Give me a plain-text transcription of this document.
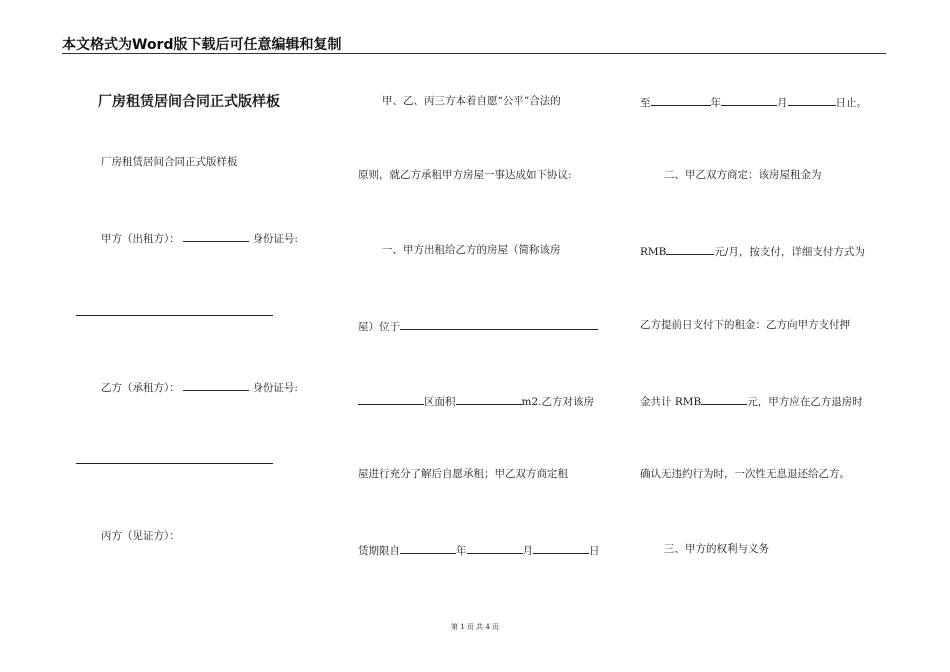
本文格式为Word版下载后可任意编辑和复制
厂房租赁居间合同正式版样板
厂房租赁居间合同正式版样板
甲方（出租方）：	身份证号:
乙方（承租方）：	身份证号:
丙方（见证方）：
甲、乙、丙三方本着自愿“公平”合法的
原则，就乙方承租甲方房屋一事达成如下协议:
一、甲方出租给乙方的房屋（简称该房
屋）位于
区面积	m2.乙方对该房
屋进行充分了解后自愿承租；甲乙双方商定租
赁期限自	年	月	日
至	年	月	日止。
二、甲乙双方商定：该房屋租金为
RMB	元/月，按支付，详细支付方式为
乙方提前日支付下的租金：乙方向甲方支付押
金共计 RMB	元，甲方应在乙方退房时
确认无违约行为时，一次性无息退还给乙方。
三、甲方的权利与义务
第 1 页 共 4 页
